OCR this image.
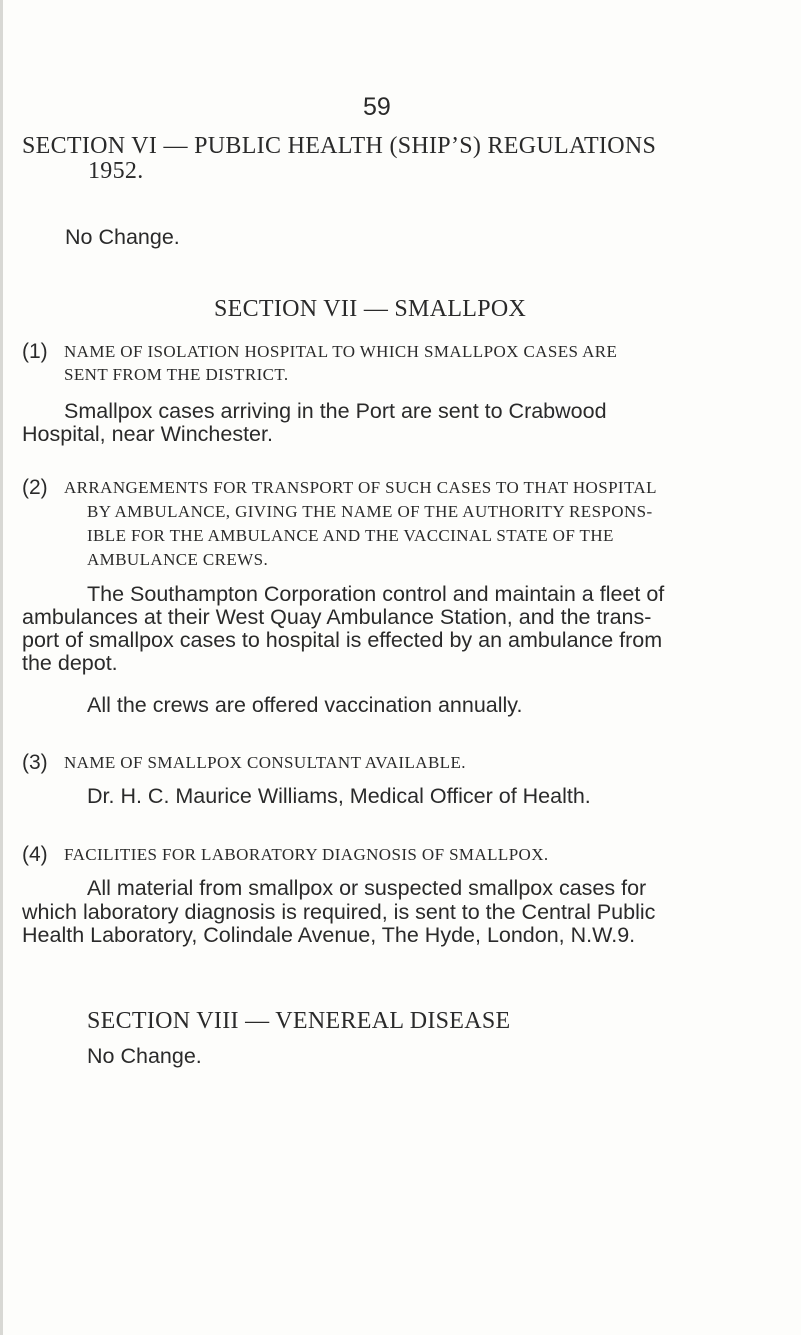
59
SECTION VI — PUBLIC HEALTH (SHIP’S) REGULATIONS
1952.
No Change.
SECTION VII — SMALLPOX
(1) NAME OF ISOLATION HOSPITAL TO WHICH SMALLPOX CASES ARE
SENT FROM THE DISTRICT.
Smallpox cases arriving in the Port are sent to Crabwood
Hospital, near Winchester.
(2) ARRANGEMENTS FOR TRANSPORT OF SUCH CASES TO THAT HOSPITAL
BY AMBULANCE, GIVING THE NAME OF THE AUTHORITY RESPONS-
IBLE FOR THE AMBULANCE AND THE VACCINAL STATE OF THE
AMBULANCE CREWS.
The Southampton Corporation control and maintain a fleet of
ambulances at their West Quay Ambulance Station, and the trans-
port of smallpox cases to hospital is effected by an ambulance from
the depot.
All the crews are offered vaccination annually.
(3) NAME OF SMALLPOX CONSULTANT AVAILABLE.
Dr. H. C. Maurice Williams, Medical Officer of Health.
(4) FACILITIES FOR LABORATORY DIAGNOSIS OF SMALLPOX.
All material from smallpox or suspected smallpox cases for
which laboratory diagnosis is required, is sent to the Central Public
Health Laboratory, Colindale Avenue, The Hyde, London, N.W.9.
SECTION VIII — VENEREAL DISEASE
No Change.
